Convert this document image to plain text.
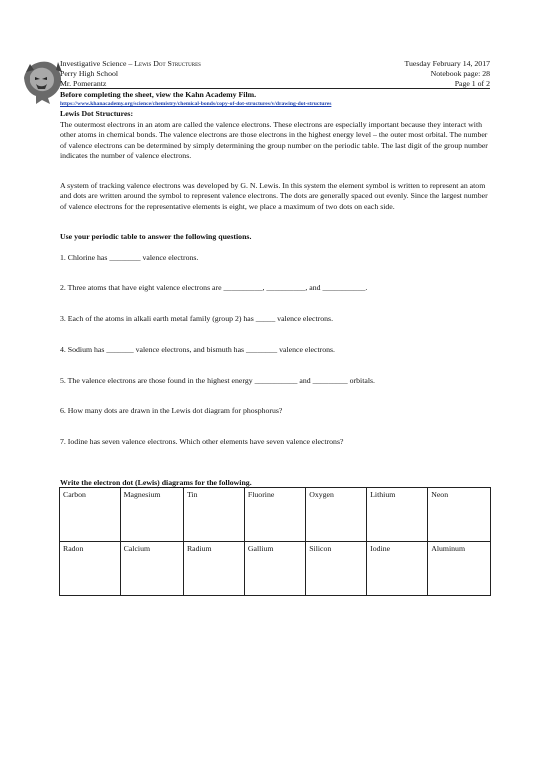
Investigative Science – Lewis Dot Structures	Tuesday February 14, 2017
Perry High School	Notebook page: 28
Mr. Pomerantz	Page 1 of 2
Before completing the sheet, view the Kahn Academy Film.
https://www.khanacademy.org/science/chemistry/chemical-bonds/copy-of-dot-structures/v/drawing-dot-structures
Lewis Dot Structures:
The outermost electrons in an atom are called the valence electrons. These electrons are especially important because they interact with other atoms in chemical bonds. The valence electrons are those electrons in the highest energy level – the outer most orbital. The number of valence electrons can be determined by simply determining the group number on the periodic table. The last digit of the group number indicates the number of valence electrons.
A system of tracking valence electrons was developed by G. N. Lewis. In this system the element symbol is written to represent an atom and dots are written around the symbol to represent valence electrons. The dots are generally spaced out evenly. Since the largest number of valence electrons for the representative elements is eight, we place a maximum of two dots on each side.
Use your periodic table to answer the following questions.
1. Chlorine has ________ valence electrons.
2. Three atoms that have eight valence electrons are __________, __________, and ___________.
3. Each of the atoms in alkali earth metal family (group 2) has _____ valence electrons.
4. Sodium has _______ valence electrons, and bismuth has ________ valence electrons.
5. The valence electrons are those found in the highest energy ___________ and _________ orbitals.
6. How many dots are drawn in the Lewis dot diagram for phosphorus?
7. Iodine has seven valence electrons. Which other elements have seven valence electrons?
Write the electron dot (Lewis) diagrams for the following.
Carbon	Magnesium	Tin	Fluorine	Oxygen	Lithium	Neon
Radon	Calcium	Radium	Gallium	Silicon	Iodine	Aluminum
